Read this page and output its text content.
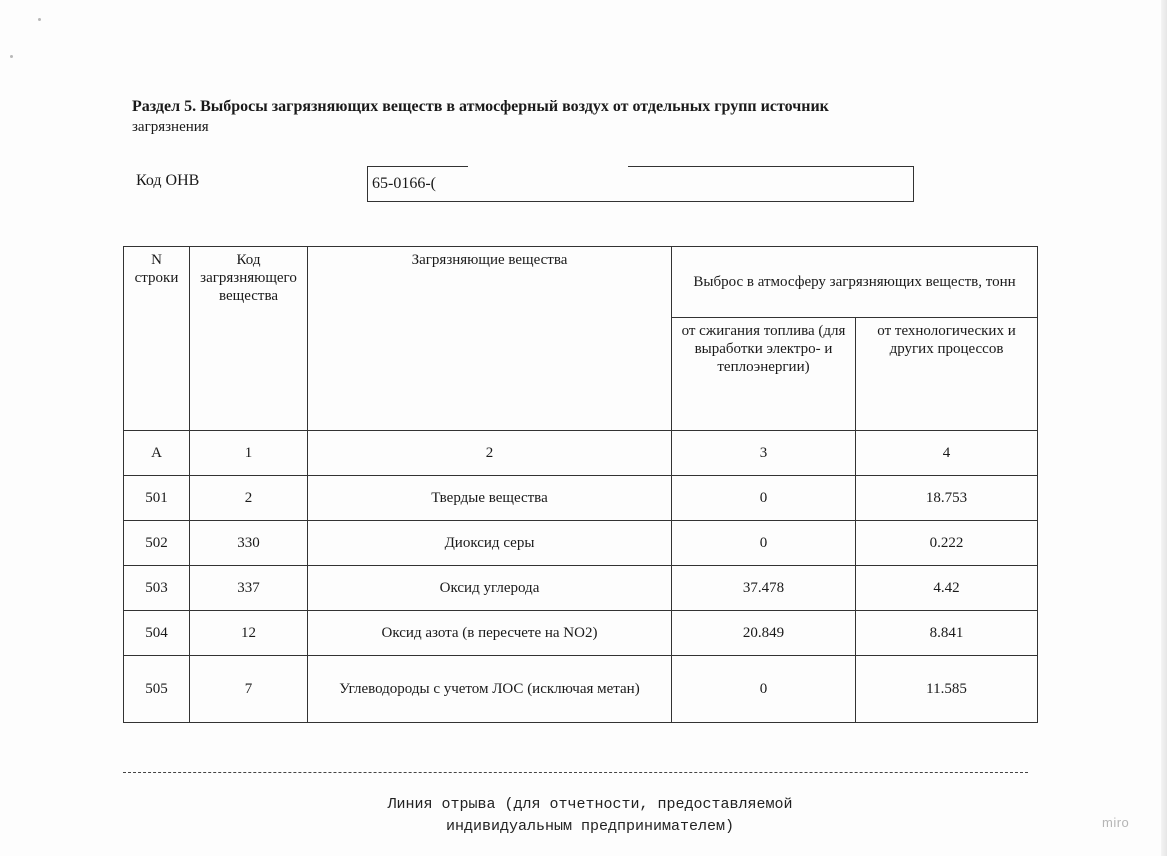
Раздел 5. Выбросы загрязняющих веществ в атмосферный воздух от отдельных групп источник
загрязнения
Код ОНВ	65-0166-(
N строки	Код загрязняющего вещества	Загрязняющие вещества	Выброс в атмосферу загрязняющих веществ, тонн	
			от сжигания топлива (для выработки электро- и теплоэнергии)	от технологических и других процессов
А	1	2	3	4
501	2	Твердые вещества	0	18.753
502	330	Диоксид серы	0	0.222
503	337	Оксид углерода	37.478	4.42
504	12	Оксид азота (в пересчете на NO2)	20.849	8.841
505	7	Углеводороды с учетом ЛОС (исключая метан)	0	11.585
Линия отрыва (для отчетности, предоставляемой
индивидуальным предпринимателем)	miro
